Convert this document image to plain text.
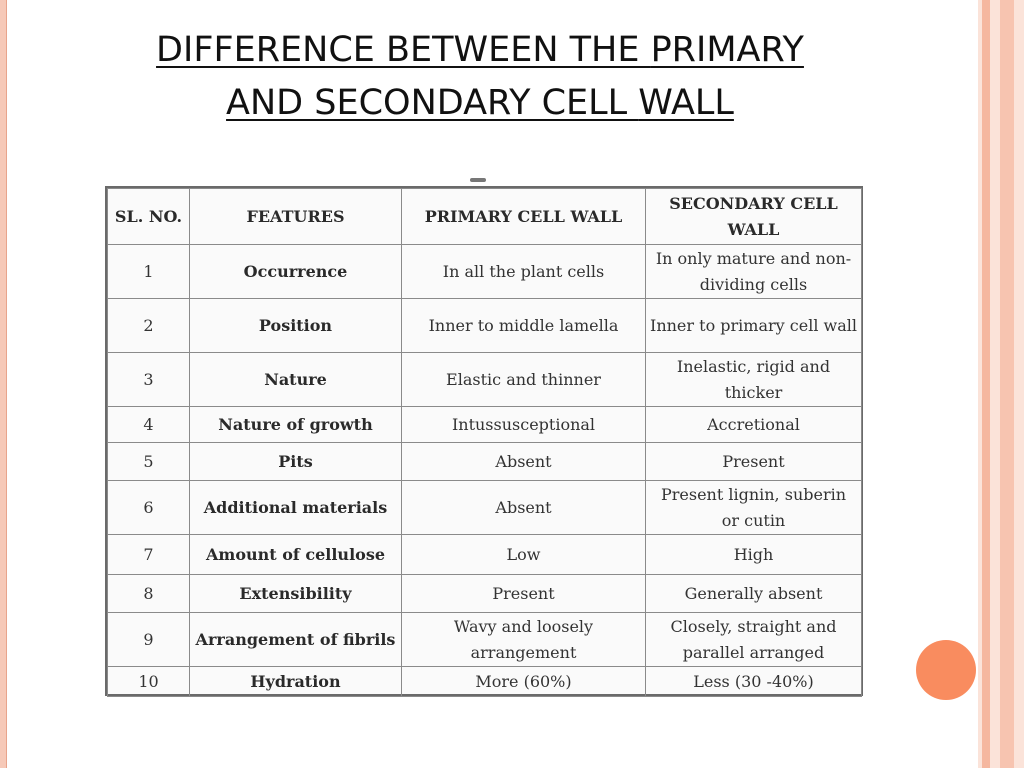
DIFFERENCE BETWEEN THE PRIMARY
AND SECONDARY CELL WALL
SL. NO.	FEATURES	PRIMARY CELL WALL	SECONDARY CELL WALL
1	Occurrence	In all the plant cells	In only mature and non-dividing cells
2	Position	Inner to middle lamella	Inner to primary cell wall
3	Nature	Elastic and thinner	Inelastic, rigid and thicker
4	Nature of growth	Intussusceptional	Accretional
5	Pits	Absent	Present
6	Additional materials	Absent	Present lignin, suberin or cutin
7	Amount of cellulose	Low	High
8	Extensibility	Present	Generally absent
9	Arrangement of fibrils	Wavy and loosely arrangement	Closely, straight and parallel arranged
10	Hydration	More (60%)	Less (30 -40%)
